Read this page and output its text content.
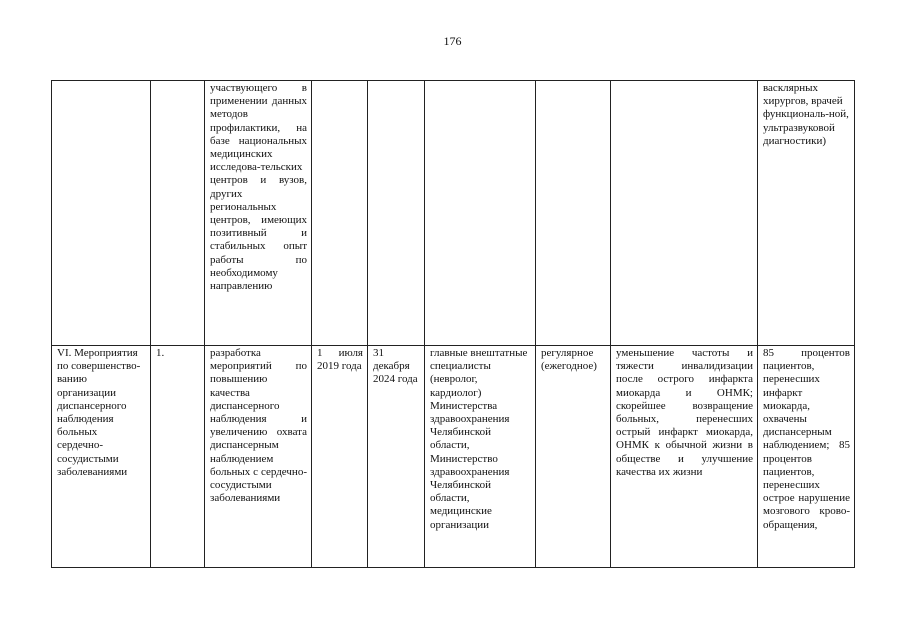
176
		участвующего в применении данных методов профилактики, на базе национальных медицинских исследова-тельских центров и вузов, других региональных центров, имеющих позитивный и стабильных опыт работы по необходимому направлению						васклярных хирургов, врачей функциональ-ной, ультразвуковой диагностики)
VI. Мероприятия по совершенство-ванию организации диспансерного наблюдения больных сердечно-сосудистыми заболеваниями	1.	разработка мероприятий по повышению качества диспансерного наблюдения и увеличению охвата диспансерным наблюдением больных с сердечно-сосудистыми заболеваниями	1 июля 2019 года	31 декабря 2024 года	главные внештатные специалисты (невролог, кардиолог) Министерства здравоохранения Челябинской области, Министерство здравоохранения Челябинской области, медицинские организации	регулярное (ежегодное)	уменьшение частоты и тяжести инвалидизации после острого инфаркта миокарда и ОНМК; скорейшее возвращение больных, перенесших острый инфаркт миокарда, ОНМК к обычной жизни в обществе и улучшение качества их жизни	85 процентов пациентов, перенесших инфаркт миокарда, охвачены диспансерным наблюдением; 85 процентов пациентов, перенесших острое нарушение мозгового крово-обращения,
